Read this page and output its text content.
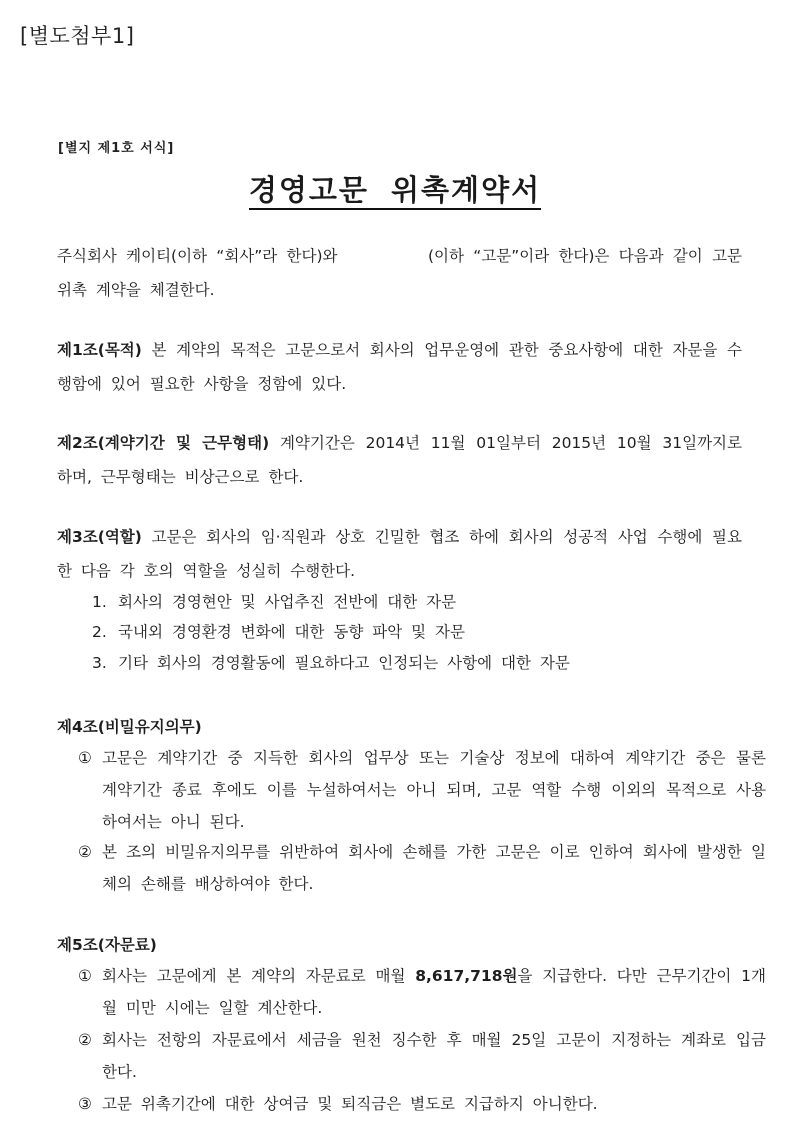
[별도첨부1]
[별지 제1호 서식]
경영고문 위촉계약서
주식회사 케이티(이하 “회사”라 한다)와	(이하 “고문”이라 한다)은 다음과 같이 고문 위촉 계약을 체결한다.
제1조(목적) 본 계약의 목적은 고문으로서 회사의 업무운영에 관한 중요사항에 대한 자문을 수행함에 있어 필요한 사항을 정함에 있다.
제2조(계약기간 및 근무형태) 계약기간은 2014년 11월 01일부터 2015년 10월 31일까지로 하며, 근무형태는 비상근으로 한다.
제3조(역할) 고문은 회사의 임·직원과 상호 긴밀한 협조 하에 회사의 성공적 사업 수행에 필요한 다음 각 호의 역할을 성실히 수행한다.
1. 회사의 경영현안 및 사업추진 전반에 대한 자문
2. 국내외 경영환경 변화에 대한 동향 파악 및 자문
3. 기타 회사의 경영활동에 필요하다고 인정되는 사항에 대한 자문
제4조(비밀유지의무)
① 고문은 계약기간 중 지득한 회사의 업무상 또는 기술상 정보에 대하여 계약기간 중은 물론 계약기간 종료 후에도 이를 누설하여서는 아니 되며, 고문 역할 수행 이외의 목적으로 사용하여서는 아니 된다.
② 본 조의 비밀유지의무를 위반하여 회사에 손해를 가한 고문은 이로 인하여 회사에 발생한 일체의 손해를 배상하여야 한다.
제5조(자문료)
① 회사는 고문에게 본 계약의 자문료로 매월 8,617,718원을 지급한다. 다만 근무기간이 1개월 미만 시에는 일할 계산한다.
② 회사는 전항의 자문료에서 세금을 원천 징수한 후 매월 25일 고문이 지정하는 계좌로 입금한다.
③ 고문 위촉기간에 대한 상여금 및 퇴직금은 별도로 지급하지 아니한다.
